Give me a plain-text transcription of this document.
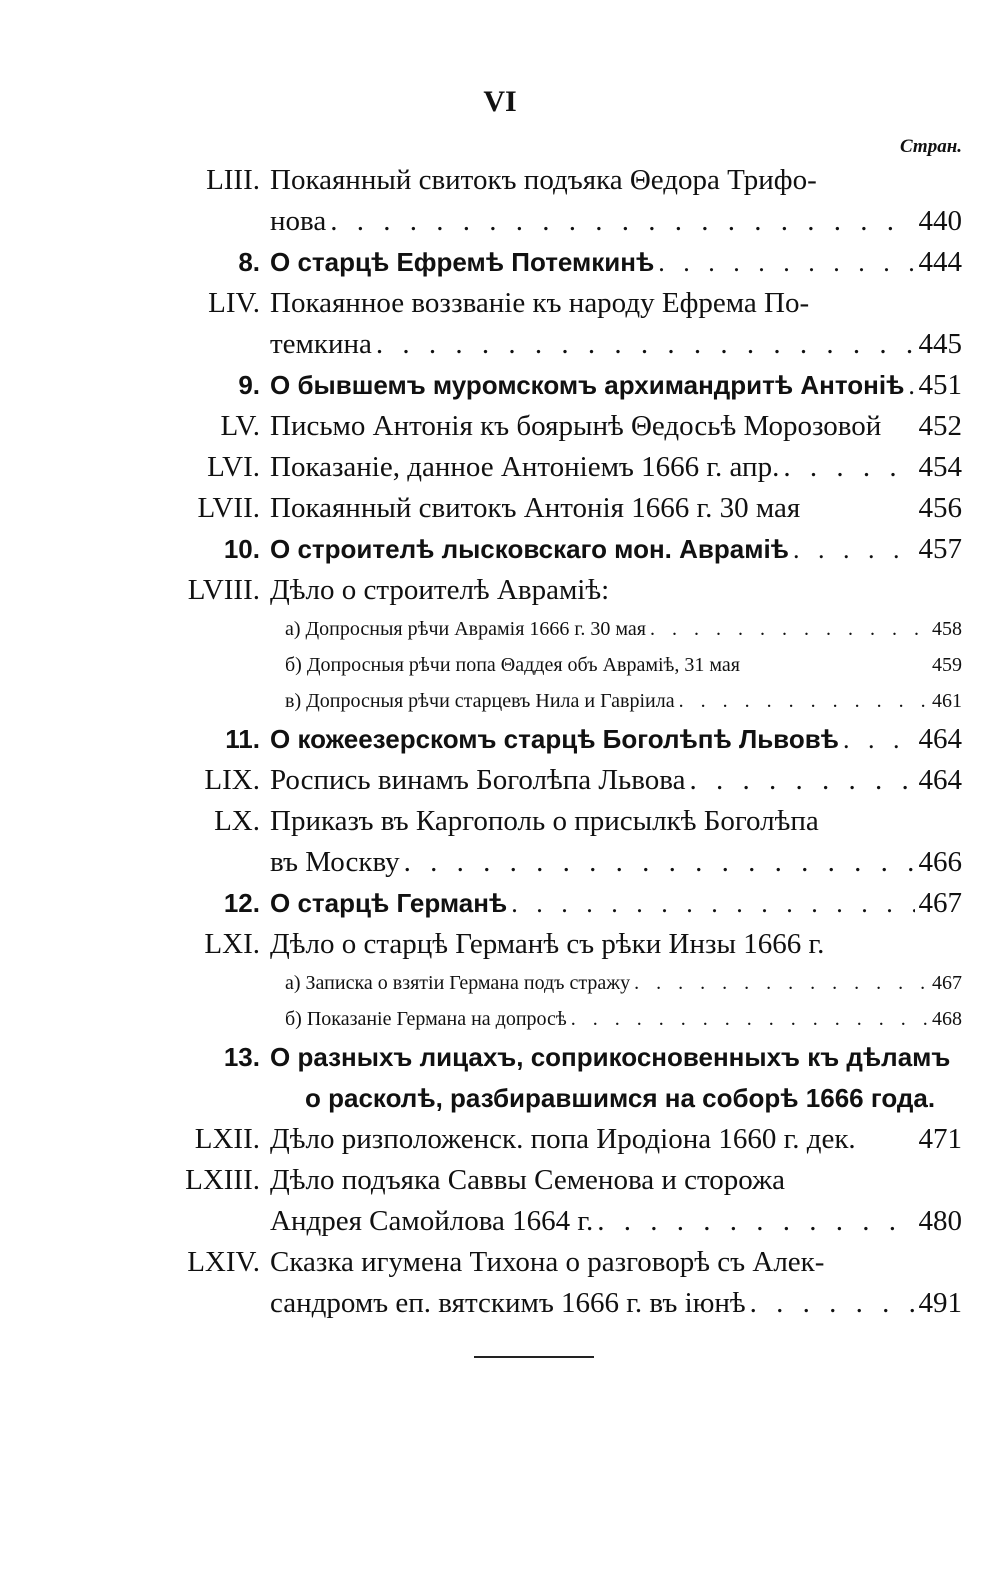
VI
Стран.
LIII. Покаянный свитокъ подъяка Θедора Трифо-
нова . . .	440
8. О старцѣ Ефремѣ Потемкинѣ . . .	444
LIV. Покаянное воззваніе къ народу Ефрема По-
темкина . . .	445
9. О бывшемъ муромскомъ архимандритѣ Антоніѣ . . . 451
LV. Письмо Антонія къ боярынѣ Θедосьѣ Морозовой 452
LVI. Показаніе, данное Антоніемъ 1666 г. апр. . . .	454
LVII. Покаянный свитокъ Антонія 1666 г. 30 мая	456
10. О строителѣ лысковскаго мон. Аврамiѣ . . .	457
LVIII. Дѣло о строителѣ Аврамiѣ:
а) Допросныя рѣчи Аврамія 1666 г. 30 мая . . .	458
б) Допросныя рѣчи попа Θаддея объ Аврамiѣ, 31 мая	459
в) Допросныя рѣчи старцевъ Нила и Гавріила . . .	461
11. О кожеезерскомъ старцѣ Боголѣпѣ Львовѣ . . .	464
LIX. Роспись винамъ Боголѣпа Львова . . .	464
LX. Приказъ въ Каргополь о присылкѣ Боголѣпа
въ Москву . . .	466
12. О старцѣ Германѣ . . .	467
LXI. Дѣло о старцѣ Германѣ съ рѣки Инзы 1666 г.
а) Записка о взятіи Германа подъ стражу . . .	467
б) Показаніе Германа на допросѣ . . .	468
13. О разныхъ лицахъ, соприкосновенныхъ къ дѣламъ
о расколѣ, разбиравшимся на соборѣ 1666 года.
LXII. Дѣло ризположенск. попа Иродіона 1660 г. дек. 471
LXIII. Дѣло подъяка Саввы Семенова и сторожа
Андрея Самойлова 1664 г. . . .	480
LXIV. Сказка игумена Тихона о разговорѣ съ Алек-
сандромъ еп. вятскимъ 1666 г. въ іюнѣ . . .	491
